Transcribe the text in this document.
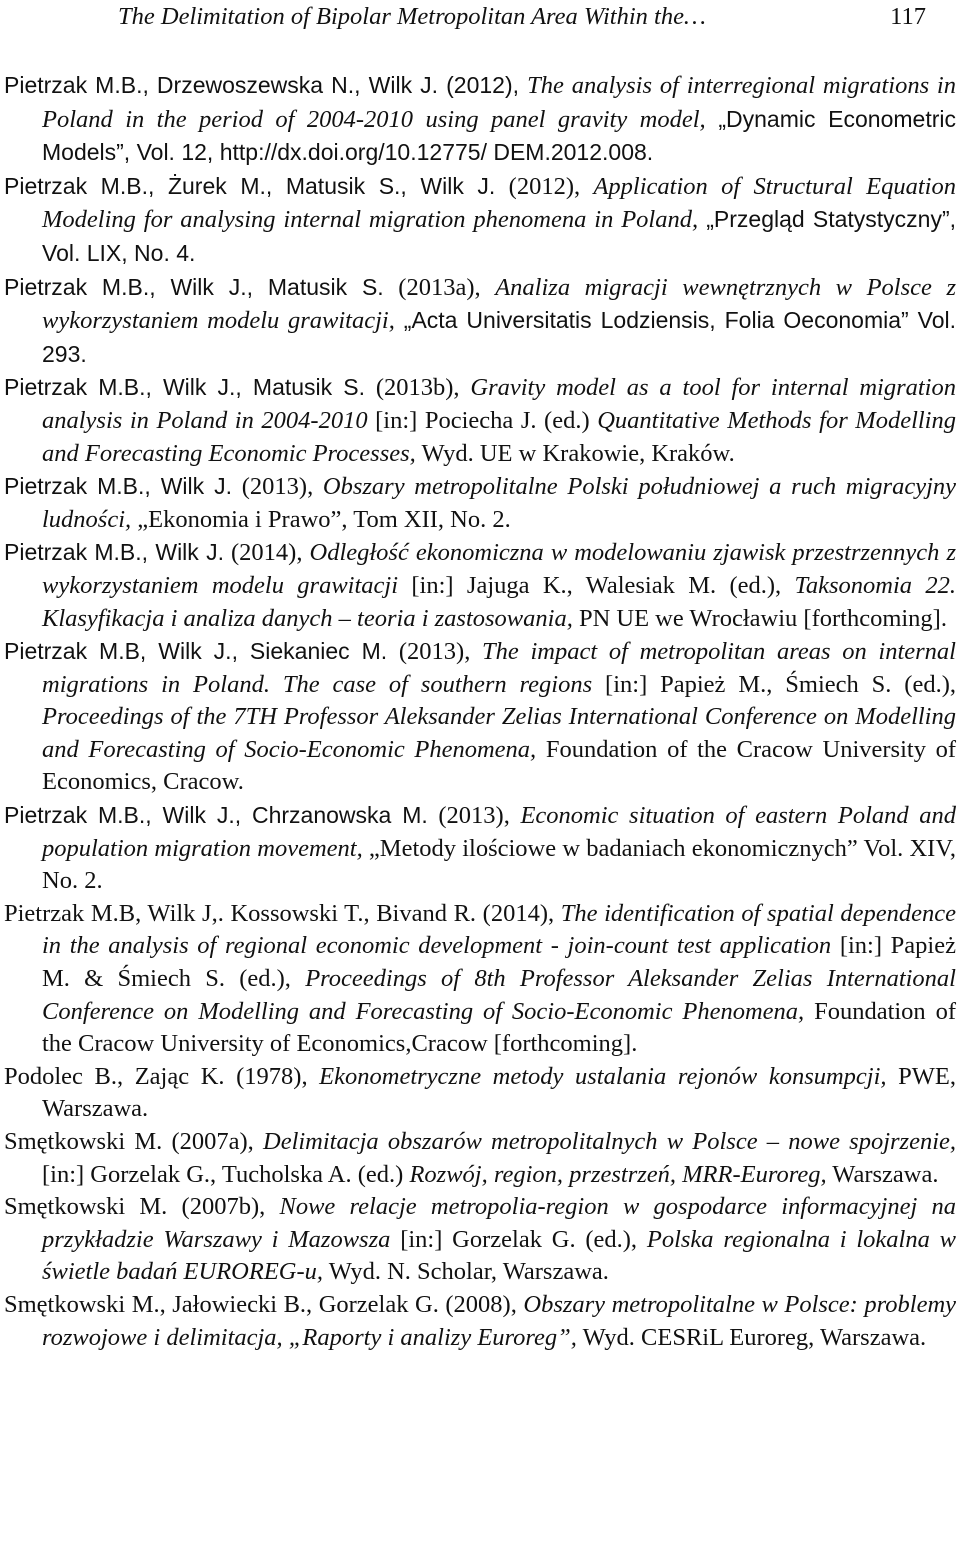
The Delimitation of Bipolar Metropolitan Area Within the…	117

Pietrzak M.B., Drzewoszewska N., Wilk J. (2012), The analysis of interregional migrations in Poland in the period of 2004-2010 using panel gravity model, „Dynamic Econometric Models”, Vol. 12, http://dx.doi.org/10.12775/ DEM.2012.008.

Pietrzak M.B., Żurek M., Matusik S., Wilk J. (2012), Application of Structural Equation Modeling for analysing internal migration phenomena in Poland, „Przegląd Statystyczny”, Vol. LIX, No. 4.

Pietrzak M.B., Wilk J., Matusik S. (2013a), Analiza migracji wewnętrznych w Polsce z wykorzystaniem modelu grawitacji, „Acta Universitatis Lodziensis, Folia Oeconomia” Vol. 293.

Pietrzak M.B., Wilk J., Matusik S. (2013b), Gravity model as a tool for internal migration analysis in Poland in 2004-2010 [in:] Pociecha J. (ed.) Quantitative Methods for Modelling and Forecasting Economic Processes, Wyd. UE w Krakowie, Kraków.

Pietrzak M.B., Wilk J. (2013), Obszary metropolitalne Polski południowej a ruch migracyjny ludności, „Ekonomia i Prawo”, Tom XII, No. 2.

Pietrzak M.B., Wilk J. (2014), Odległość ekonomiczna w modelowaniu zjawisk przestrzennych z wykorzystaniem modelu grawitacji [in:] Jajuga K., Walesiak M. (ed.), Taksonomia 22. Klasyfikacja i analiza danych – teoria i zastosowania, PN UE we Wrocławiu [forthcoming].

Pietrzak M.B, Wilk J., Siekaniec M. (2013), The impact of metropolitan areas on internal migrations in Poland. The case of southern regions [in:] Papież M., Śmiech S. (ed.), Proceedings of the 7TH Professor Aleksander Zelias International Conference on Modelling and Forecasting of Socio-Economic Phenomena, Foundation of the Cracow University of Economics, Cracow.

Pietrzak M.B., Wilk J., Chrzanowska M. (2013), Economic situation of eastern Poland and population migration movement, „Metody ilościowe w badaniach ekonomicznych” Vol. XIV, No. 2.

Pietrzak M.B, Wilk J,. Kossowski T., Bivand R. (2014), The identification of spatial dependence in the analysis of regional economic development - join-count test application [in:] Papież M. & Śmiech S. (ed.), Proceedings of 8th Professor Aleksander Zelias International Conference on Modelling and Forecasting of Socio-Economic Phenomena, Foundation of the Cracow University of Economics,Cracow [forthcoming].

Podolec B., Zając K. (1978), Ekonometryczne metody ustalania rejonów konsumpcji, PWE, Warszawa.

Smętkowski M. (2007a), Delimitacja obszarów metropolitalnych w Polsce – nowe spojrzenie, [in:] Gorzelak G., Tucholska A. (ed.) Rozwój, region, przestrzeń, MRR-Euroreg, Warszawa.

Smętkowski M. (2007b), Nowe relacje metropolia-region w gospodarce informacyjnej na przykładzie Warszawy i Mazowsza [in:] Gorzelak G. (ed.), Polska regionalna i lokalna w świetle badań EUROREG-u, Wyd. N. Scholar, Warszawa.

Smętkowski M., Jałowiecki B., Gorzelak G. (2008), Obszary metropolitalne w Polsce: problemy rozwojowe i delimitacja, „Raporty i analizy Euroreg”, Wyd. CESRiL Euroreg, Warszawa.
